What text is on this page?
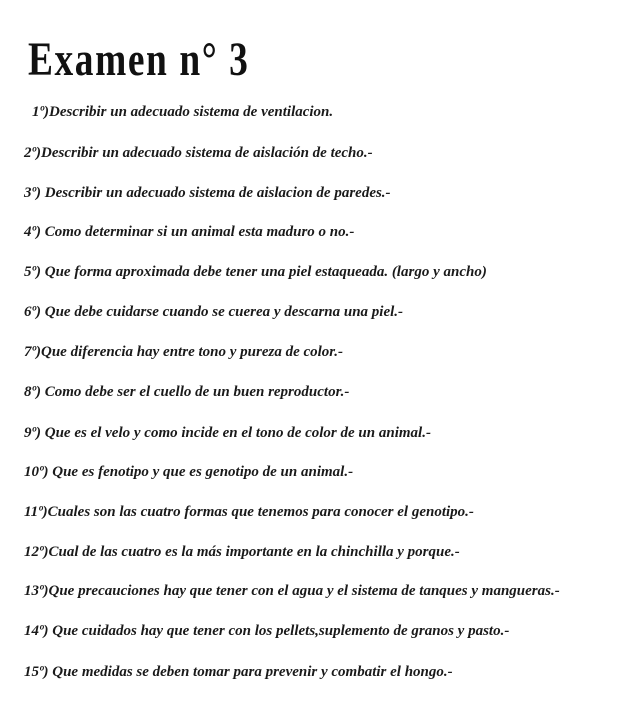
Examen n° 3
1º)Describir un adecuado sistema de ventilacion.
2º)Describir un adecuado sistema de aislación de techo.-
3º) Describir un adecuado sistema de aislacion de paredes.-
4º) Como determinar si un animal esta maduro o no.-
5º) Que forma aproximada debe tener una piel estaqueada. (largo y ancho)
6º) Que debe cuidarse cuando se cuerea y descarna una piel.-
7º)Que diferencia hay entre tono y pureza de color.-
8º) Como debe ser el cuello de un buen reproductor.-
9º) Que es el velo y como incide en el tono de color de un animal.-
10º) Que es fenotipo y que es genotipo de un animal.-
11º)Cuales son las cuatro formas que tenemos para conocer el genotipo.-
12º)Cual de las cuatro es la más importante en la chinchilla y porque.-
13º)Que precauciones hay que tener con el agua y el sistema de tanques y mangueras.-
14º) Que cuidados hay que tener con los pellets,suplemento de granos y pasto.-
15º) Que medidas se deben tomar para prevenir y combatir el hongo.-
